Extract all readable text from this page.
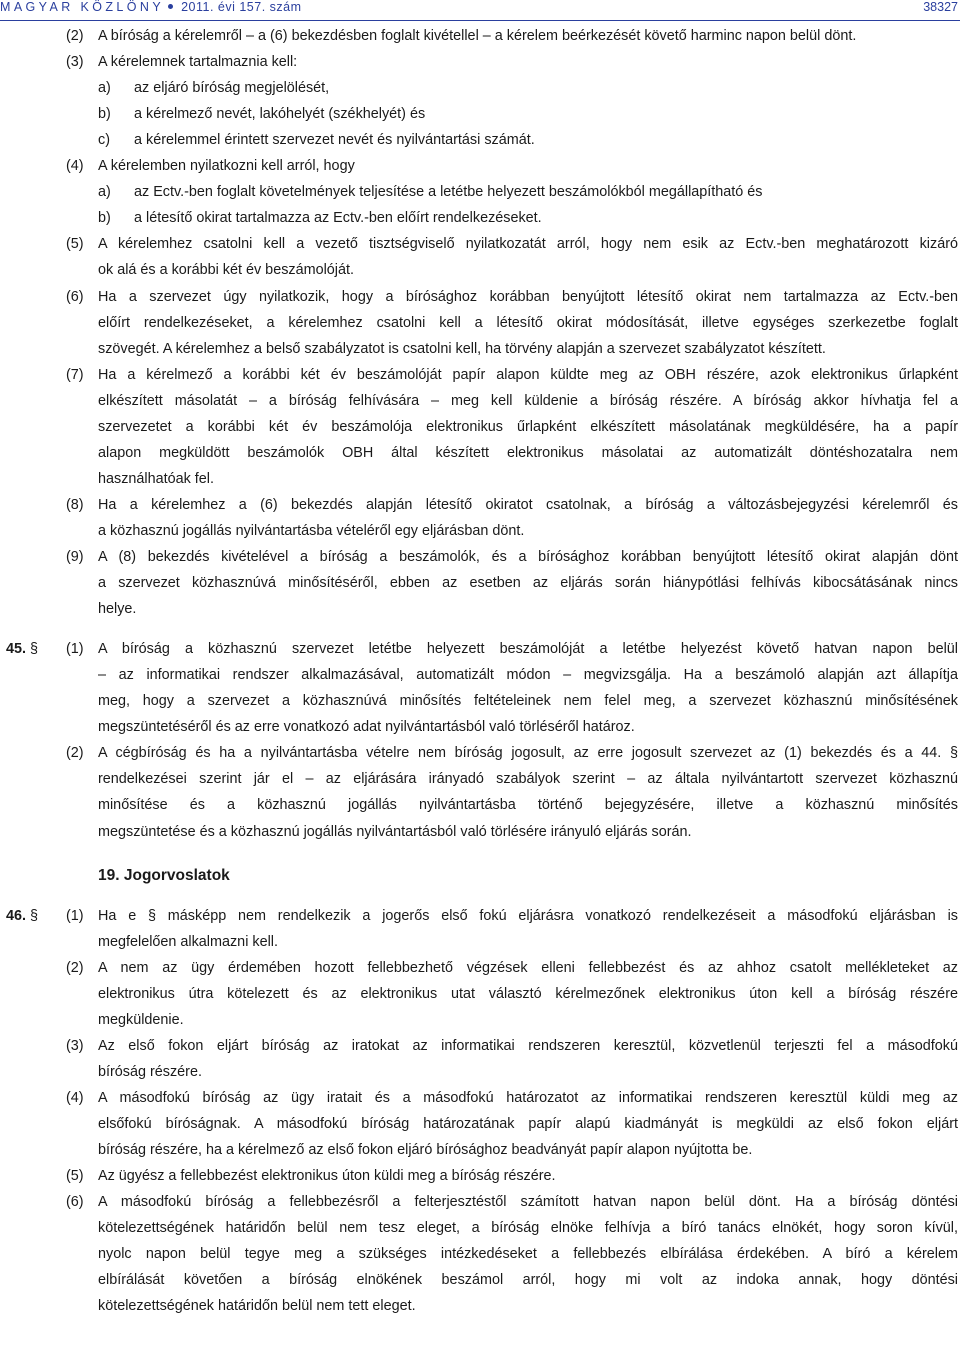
MAGYAR KÖZLÖNY 2011. évi 157. szám	38327
(2)	A bíróság a kérelemről – a (6) bekezdésben foglalt kivétellel – a kérelem beérkezését követő harminc napon belül dönt.
(3)	A kérelemnek tartalmaznia kell:
a)	az eljáró bíróság megjelölését,
b)	a kérelmező nevét, lakóhelyét (székhelyét) és
c)	a kérelemmel érintett szervezet nevét és nyilvántartási számát.
(4)	A kérelemben nyilatkozni kell arról, hogy
a)	az Ectv.-ben foglalt követelmények teljesítése a letétbe helyezett beszámolókból megállapítható és
b)	a létesítő okirat tartalmazza az Ectv.-ben előírt rendelkezéseket.
(5)	A kérelemhez csatolni kell a vezető tisztségviselő nyilatkozatát arról, hogy nem esik az Ectv.-ben meghatározott kizáró
ok alá és a korábbi két év beszámolóját.
(6)	Ha a szervezet úgy nyilatkozik, hogy a bírósághoz korábban benyújtott létesítő okirat nem tartalmazza az Ectv.-ben
előírt rendelkezéseket, a kérelemhez csatolni kell a létesítő okirat módosítását, illetve egységes szerkezetbe foglalt
szövegét. A kérelemhez a belső szabályzatot is csatolni kell, ha törvény alapján a szervezet szabályzatot készített.
(7)	Ha a kérelmező a korábbi két év beszámolóját papír alapon küldte meg az OBH részére, azok elektronikus űrlapként
elkészített másolatát – a bíróság felhívására – meg kell küldenie a bíróság részére. A bíróság akkor hívhatja fel a
szervezetet a korábbi két év beszámolója elektronikus űrlapként elkészített másolatának megküldésére, ha a papír
alapon megküldött beszámolók OBH által készített elektronikus másolatai az automatizált döntéshozatalra nem
használhatóak fel.
(8)	Ha a kérelemhez a (6) bekezdés alapján létesítő okiratot csatolnak, a bíróság a változásbejegyzési kérelemről és
a közhasznú jogállás nyilvántartásba vételéről egy eljárásban dönt.
(9)	A (8) bekezdés kivételével a bíróság a beszámolók, és a bírósághoz korábban benyújtott létesítő okirat alapján dönt
a szervezet közhasznúvá minősítéséről, ebben az esetben az eljárás során hiánypótlási felhívás kibocsátásának nincs
helye.
45. § (1)	A bíróság a közhasznú szervezet letétbe helyezett beszámolóját a letétbe helyezést követő hatvan napon belül
– az informatikai rendszer alkalmazásával, automatizált módon – megvizsgálja. Ha a beszámoló alapján azt állapítja
meg, hogy a szervezet a közhasznúvá minősítés feltételeinek nem felel meg, a szervezet közhasznú minősítésének
megszüntetéséről és az erre vonatkozó adat nyilvántartásból való törléséről határoz.
(2)	A cégbíróság és ha a nyilvántartásba vételre nem bíróság jogosult, az erre jogosult szervezet az (1) bekezdés és a 44. §
rendelkezései szerint jár el – az eljárására irányadó szabályok szerint – az általa nyilvántartott szervezet közhasznú
minősítése és a közhasznú jogállás nyilvántartásba történő bejegyzésére, illetve a közhasznú minősítés
megszüntetése és a közhasznú jogállás nyilvántartásból való törlésére irányuló eljárás során.
19. Jogorvoslatok
46. § (1)	Ha e § másképp nem rendelkezik a jogerős első fokú eljárásra vonatkozó rendelkezéseit a másodfokú eljárásban is
megfelelően alkalmazni kell.
(2)	A nem az ügy érdemében hozott fellebbezhető végzések elleni fellebbezést és az ahhoz csatolt mellékleteket az
elektronikus útra kötelezett és az elektronikus utat választó kérelmezőnek elektronikus úton kell a bíróság részére
megküldenie.
(3)	Az első fokon eljárt bíróság az iratokat az informatikai rendszeren keresztül, közvetlenül terjeszti fel a másodfokú
bíróság részére.
(4)	A másodfokú bíróság az ügy iratait és a másodfokú határozatot az informatikai rendszeren keresztül küldi meg az
elsőfokú bíróságnak. A másodfokú bíróság határozatának papír alapú kiadmányát is megküldi az első fokon eljárt
bíróság részére, ha a kérelmező az első fokon eljáró bírósághoz beadványát papír alapon nyújtotta be.
(5)	Az ügyész a fellebbezést elektronikus úton küldi meg a bíróság részére.
(6)	A másodfokú bíróság a fellebbezésről a felterjesztéstől számított hatvan napon belül dönt. Ha a bíróság döntési
kötelezettségének határidőn belül nem tesz eleget, a bíróság elnöke felhívja a bíró tanács elnökét, hogy soron kívül,
nyolc napon belül tegye meg a szükséges intézkedéseket a fellebbezés elbírálása érdekében. A bíró a kérelem
elbírálását követően a bíróság elnökének beszámol arról, hogy mi volt az indoka annak, hogy döntési
kötelezettségének határidőn belül nem tett eleget.
